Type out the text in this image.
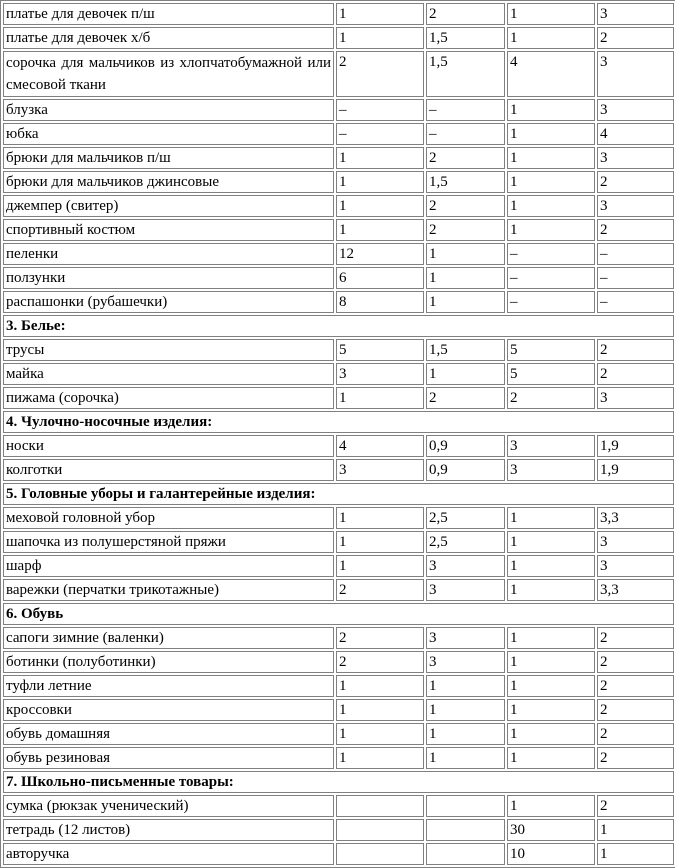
платье для девочек п/ш	1	2	1	3
платье для девочек х/б	1	1,5	1	2
сорочка для мальчиков из хлопчатобумажной или смесовой ткани	2	1,5	4	3
блузка	–	–	1	3
юбка	–	–	1	4
брюки для мальчиков п/ш	1	2	1	3
брюки для мальчиков джинсовые	1	1,5	1	2
джемпер (свитер)	1	2	1	3
спортивный костюм	1	2	1	2
пеленки	12	1	–	–
ползунки	6	1	–	–
распашонки (рубашечки)	8	1	–	–
3. Белье:				
трусы	5	1,5	5	2
майка	3	1	5	2
пижама (сорочка)	1	2	2	3
4. Чулочно-носочные изделия:				
носки	4	0,9	3	1,9
колготки	3	0,9	3	1,9
5. Головные уборы и галантерейные изделия:				
меховой головной убор	1	2,5	1	3,3
шапочка из полушерстяной пряжи	1	2,5	1	3
шарф	1	3	1	3
варежки (перчатки трикотажные)	2	3	1	3,3
6. Обувь				
сапоги зимние (валенки)	2	3	1	2
ботинки (полуботинки)	2	3	1	2
туфли летние	1	1	1	2
кроссовки	1	1	1	2
обувь домашняя	1	1	1	2
обувь резиновая	1	1	1	2
7. Школьно-письменные товары:				
сумка (рюкзак ученический)			1	2
тетрадь (12 листов)			30	1
авторучка			10	1
